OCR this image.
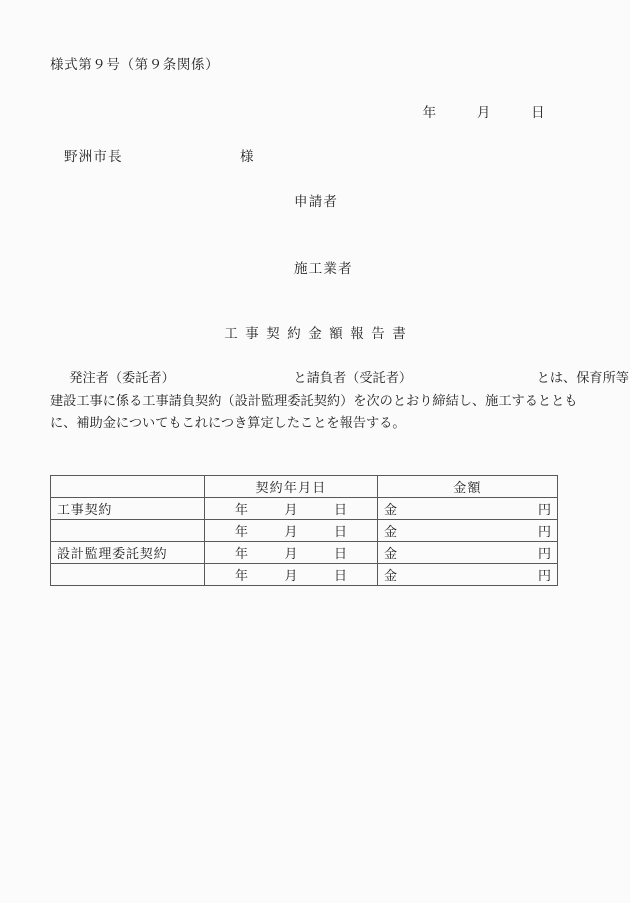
様式第９号（第９条関係）
年	月	日
野洲市長	様
申請者
施工業者
工事契約金額報告書
発注者（委託者）	と請負者（受託者）	とは、保育所等
建設工事に係る工事請負契約（設計監理委託契約）を次のとおり締結し、施工するととも
に、補助金についてもこれにつき算定したことを報告する。
	契約年月日	金額
工事契約	年 月 日	金 円

	年 月 日	金 円

設計監理委託契約	年 月 日	金 円

	年 月 日	金 円
